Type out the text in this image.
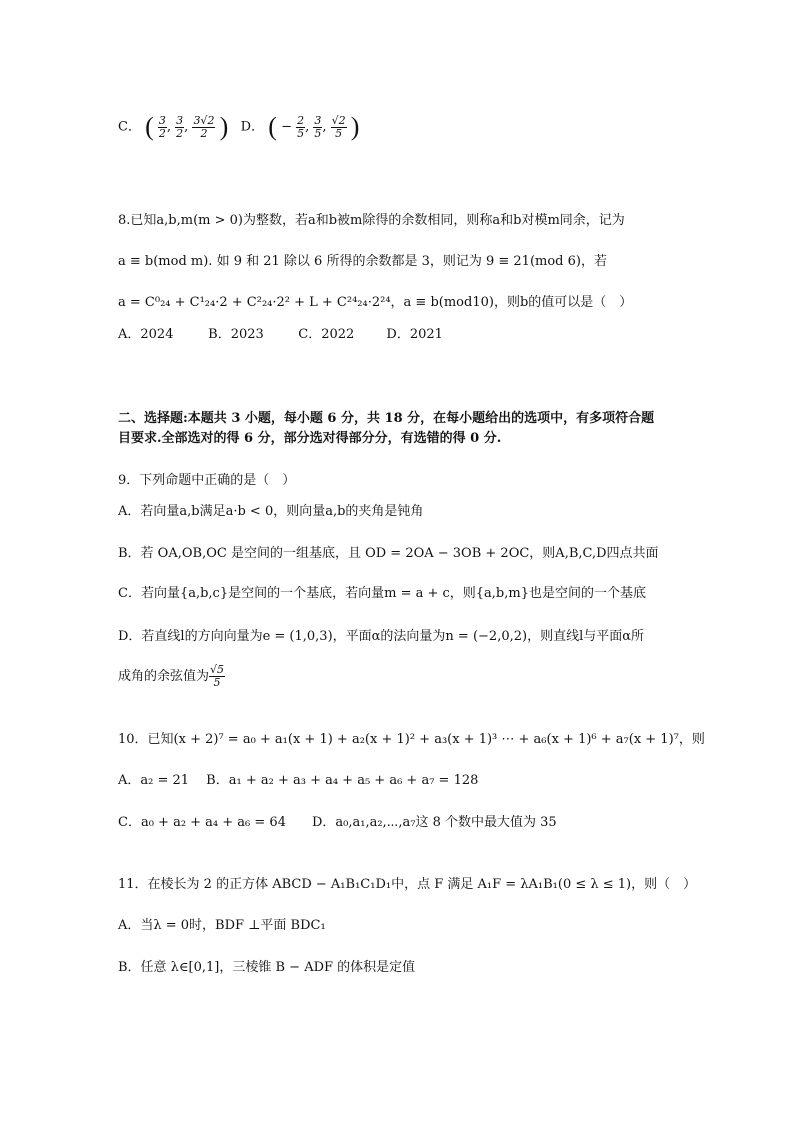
C． ( $\frac{3}{2}$ , $\frac{3}{2}$ , $\frac{3√2}{2}$ ) D． ( − $\frac{2}{5}$ , $\frac{3}{5}$ , $\frac{√2}{5}$ )
8.已知a,b,m(m > 0)为整数，若a和b被m除得的余数相同，则称a和b对模m同余，记为
a ≡ b(mod m). 如 9 和 21 除以 6 所得的余数都是 3，则记为 9 ≡ 21(mod 6)，若
a = C⁰₂₄ + C¹₂₄·2 + C²₂₄·2² + L + C²⁴₂₄·2²⁴，a ≡ b(mod10)，则b的值可以是（　）
A．2024	B．2023	C．2022 D．2021
二、选择题:本题共 3 小题，每小题 6 分，共 18 分，在每小题给出的选项中，有多项符合题
目要求.全部选对的得 6 分，部分选对得部分分，有选错的得 0 分.
9．下列命题中正确的是（　）
A．若向量a,b满足a·b < 0，则向量a,b的夹角是钝角
B．若 OA,OB,OC 是空间的一组基底，且 OD = 2OA − 3OB + 2OC，则A,B,C,D四点共面
C．若向量{a,b,c}是空间的一个基底，若向量m = a + c，则{a,b,m}也是空间的一个基底
D．若直线l的方向向量为e = (1,0,3)，平面α的法向量为n = (−2,0,2)，则直线l与平面α所
成角的余弦值为 $\frac{√5}{5}$
10．已知(x + 2)⁷ = a₀ + a₁(x + 1) + a₂(x + 1)² + a₃(x + 1)³ ⋯ + a₆(x + 1)⁶ + a₇(x + 1)⁷，则
A．a₂ = 21　 B．a₁ + a₂ + a₃ + a₄ + a₅ + a₆ + a₇ = 128
C．a₀ + a₂ + a₄ + a₆ = 64　　D．a₀,a₁,a₂,⋯,a₇这 8 个数中最大值为 35
11．在棱长为 2 的正方体 ABCD − A₁B₁C₁D₁中，点 F 满足 A₁F = λA₁B₁(0 ≤ λ ≤ 1)，则（　）
A．当λ = 0时，BDF ⊥平面 BDC₁
B．任意 λ∈[0,1]，三棱锥 B − ADF 的体积是定值
